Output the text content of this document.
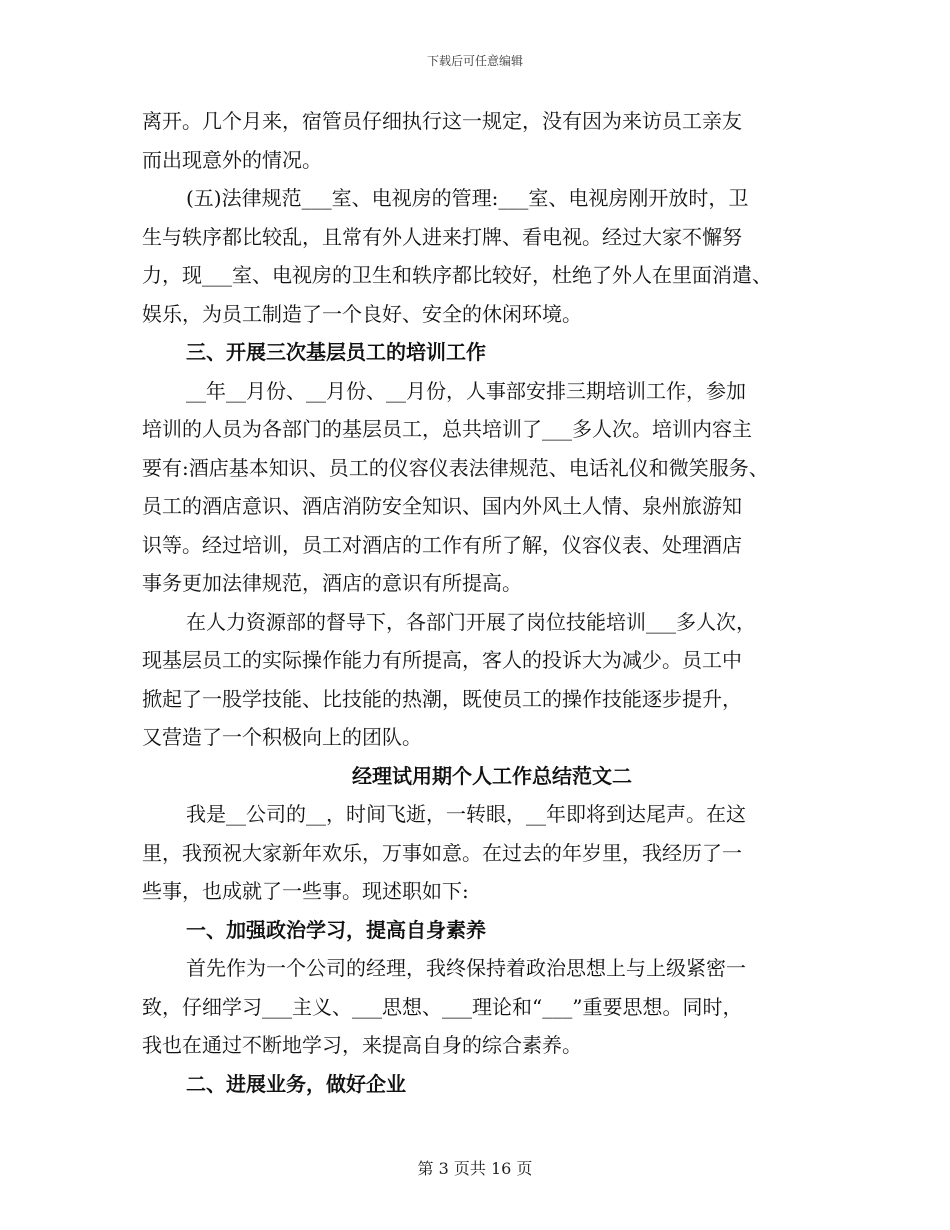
下载后可任意编辑
离开。几个月来，宿管员仔细执行这一规定，没有因为来访员工亲友
而出现意外的情况。
(五)法律规范___室、电视房的管理:___室、电视房刚开放时，卫
生与轶序都比较乱，且常有外人进来打牌、看电视。经过大家不懈努
力，现___室、电视房的卫生和轶序都比较好，杜绝了外人在里面消遣、
娱乐，为员工制造了一个良好、安全的休闲环境。
三、开展三次基层员工的培训工作
__年__月份、__月份、__月份，人事部安排三期培训工作，参加
培训的人员为各部门的基层员工，总共培训了___多人次。培训内容主
要有:酒店基本知识、员工的仪容仪表法律规范、电话礼仪和微笑服务、
员工的酒店意识、酒店消防安全知识、国内外风土人情、泉州旅游知
识等。经过培训，员工对酒店的工作有所了解，仪容仪表、处理酒店
事务更加法律规范，酒店的意识有所提高。
在人力资源部的督导下，各部门开展了岗位技能培训___多人次，
现基层员工的实际操作能力有所提高，客人的投诉大为减少。员工中
掀起了一股学技能、比技能的热潮，既使员工的操作技能逐步提升，
又营造了一个积极向上的团队。
经理试用期个人工作总结范文二
我是__公司的__，时间飞逝，一转眼，__年即将到达尾声。在这
里，我预祝大家新年欢乐，万事如意。在过去的年岁里，我经历了一
些事，也成就了一些事。现述职如下:
一、加强政治学习，提高自身素养
首先作为一个公司的经理，我终保持着政治思想上与上级紧密一
致，仔细学习___主义、___思想、___理论和“___”重要思想。同时，
我也在通过不断地学习，来提高自身的综合素养。
二、进展业务，做好企业
第 3 页共 16 页
